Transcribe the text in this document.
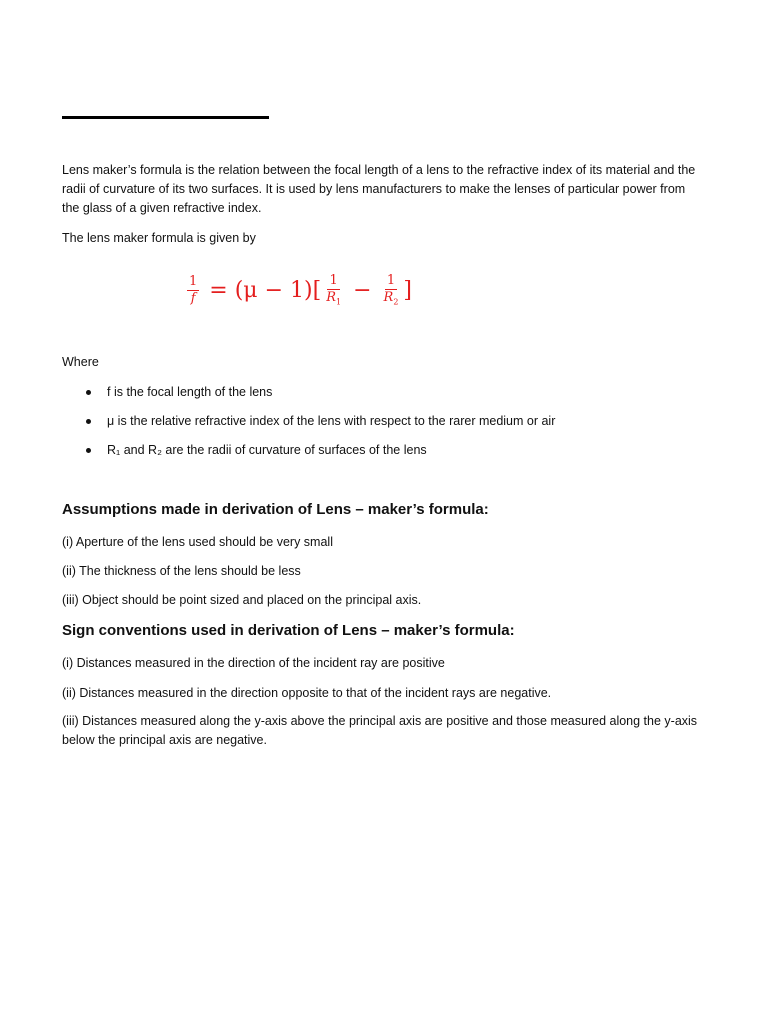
Lens maker’s formula is the relation between the focal length of a lens to the refractive index of its material and the radii of curvature of its two surfaces. It is used by lens manufacturers to make the lenses of particular power from the glass of a given refractive index.

The lens maker formula is given by

$\frac{1}{f} = (\mu - 1)[ \frac{1}{R_1} - \frac{1}{R_2}$ ]

Where

f is the focal length of the lens
μ is the relative refractive index of the lens with respect to the rarer medium or air
R₁ and R₂ are the radii of curvature of surfaces of the lens
Assumptions made in derivation of Lens – maker’s formula:

(i) Aperture of the lens used should be very small

(ii) The thickness of the lens should be less

(iii) Object should be point sized and placed on the principal axis.

Sign conventions used in derivation of Lens – maker’s formula:

(i) Distances measured in the direction of the incident ray are positive

(ii) Distances measured in the direction opposite to that of the incident rays are negative.

(iii) Distances measured along the y-axis above the principal axis are positive and those measured along the y-axis below the principal axis are negative.
